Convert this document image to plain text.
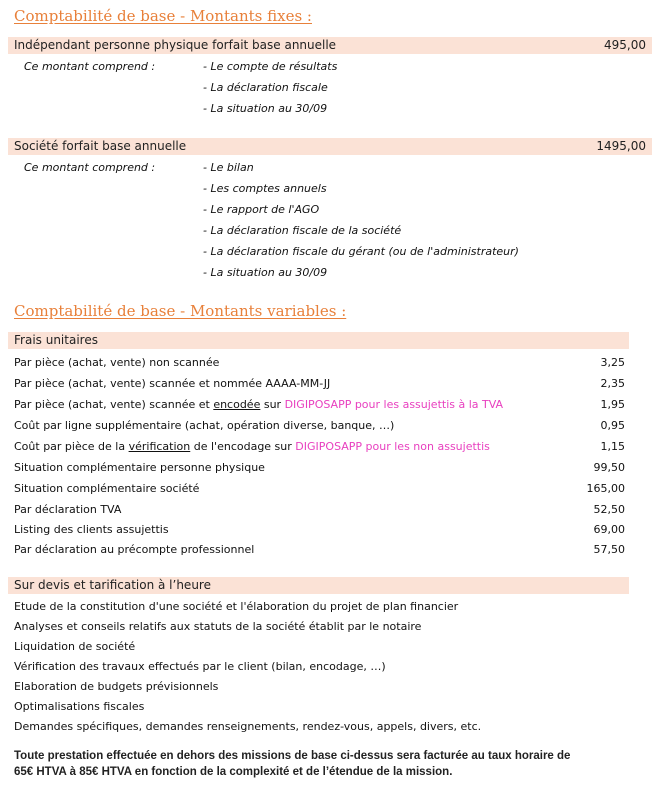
Comptabilité de base - Montants fixes :
Indépendant personne physique forfait base annuelle	495,00
Ce montant comprend :	- Le compte de résultats
- La déclaration fiscale
- La situation au 30/09
Société forfait base annuelle	1495,00
Ce montant comprend :	- Le bilan
- Les comptes annuels
- Le rapport de l'AGO
- La déclaration fiscale de la société
- La déclaration fiscale du gérant (ou de l'administrateur)
- La situation au 30/09
Comptabilité de base - Montants variables :
Frais unitaires
Par pièce (achat, vente) non scannée	3,25
Par pièce (achat, vente) scannée et nommée AAAA-MM-JJ	2,35
Par pièce (achat, vente) scannée et encodée sur DIGIPOSAPP pour les assujettis à la TVA	1,95
Coût par ligne supplémentaire (achat, opération diverse, banque, …)	0,95
Coût par pièce de la vérification de l'encodage sur DIGIPOSAPP pour les non assujettis	1,15
Situation complémentaire personne physique	99,50
Situation complémentaire société	165,00
Par déclaration TVA	52,50
Listing des clients assujettis	69,00
Par déclaration au précompte professionnel	57,50
Sur devis et tarification à l’heure
Etude de la constitution d'une société et l'élaboration du projet de plan financier
Analyses et conseils relatifs aux statuts de la société établit par le notaire
Liquidation de société
Vérification des travaux effectués par le client (bilan, encodage, …)
Elaboration de budgets prévisionnels
Optimalisations fiscales
Demandes spécifiques, demandes renseignements, rendez-vous, appels, divers, etc.
Toute prestation effectuée en dehors des missions de base ci-dessus sera facturée au taux horaire de
65€ HTVA à 85€ HTVA en fonction de la complexité et de l’étendue de la mission.
